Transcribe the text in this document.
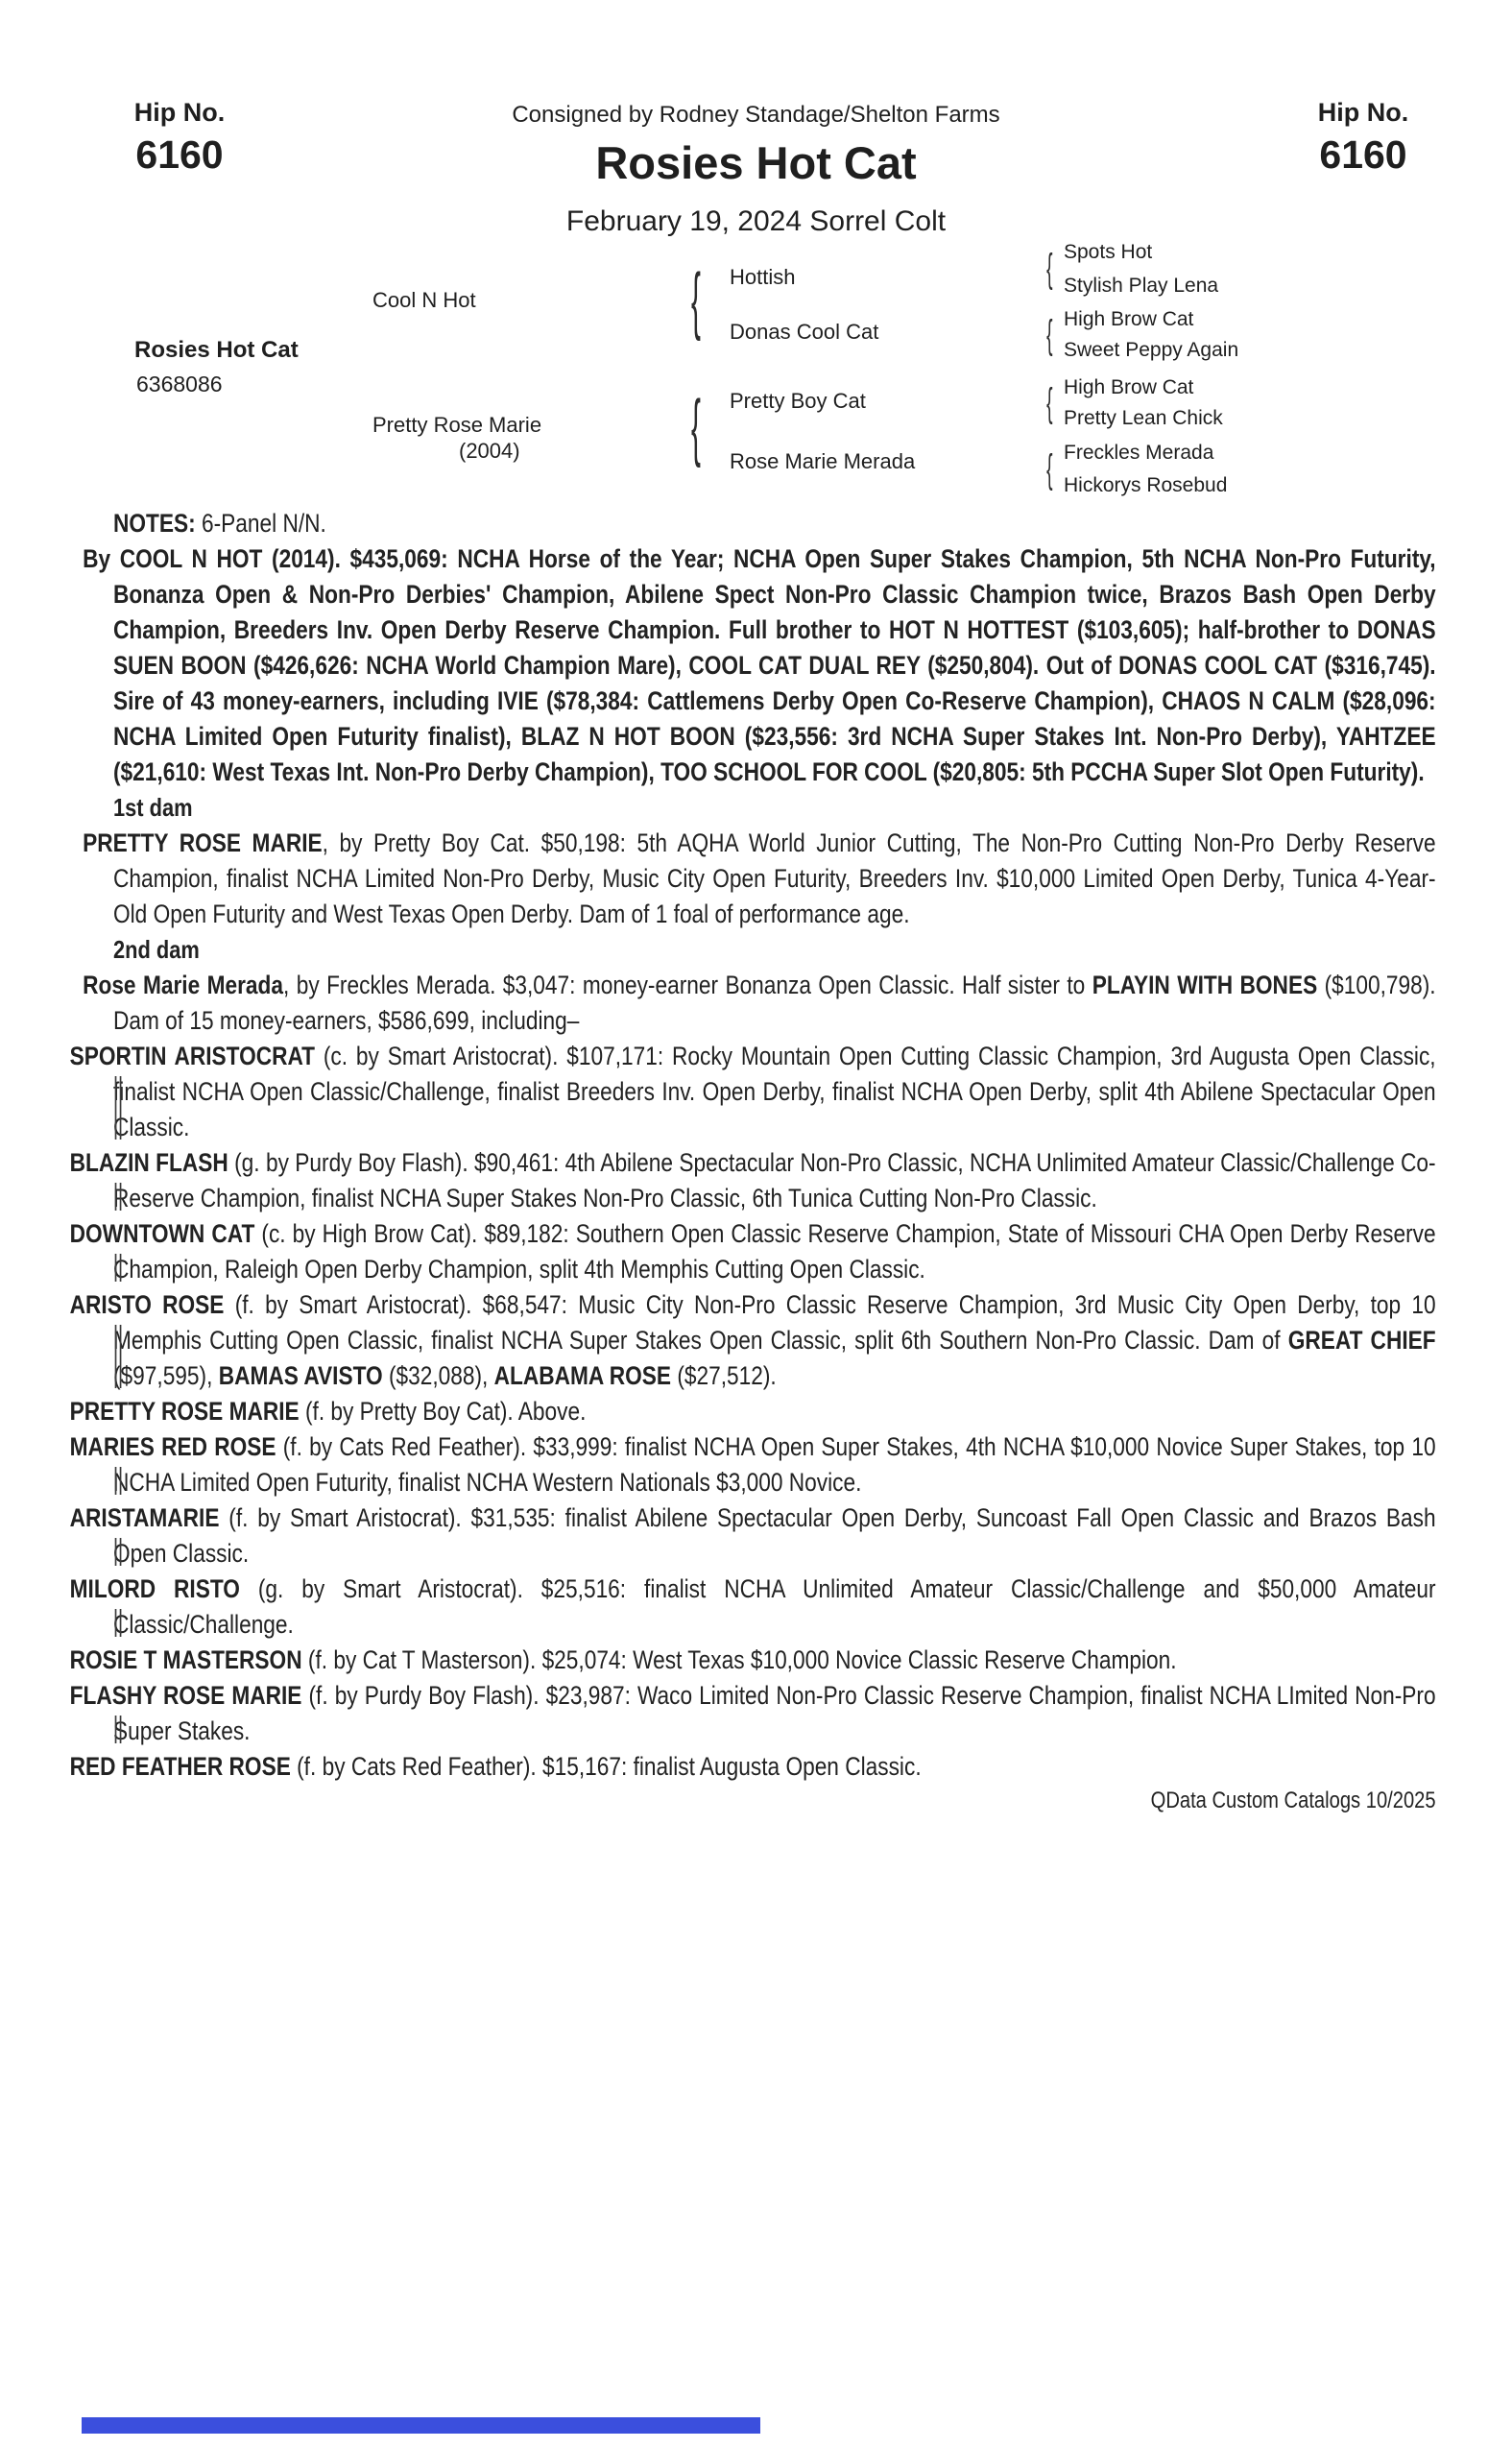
Hip No.
6160
Hip No.
6160
Consigned by Rodney Standage/Shelton Farms
Rosies Hot Cat
February 19, 2024 Sorrel Colt
Rosies Hot Cat
6368086
Cool N Hot
Pretty Rose Marie
(2004)
{
{
Hottish
Donas Cool Cat
Pretty Boy Cat
Rose Marie Merada
{
{
{
{
Spots Hot
Stylish Play Lena
High Brow Cat
Sweet Peppy Again
High Brow Cat
Pretty Lean Chick
Freckles Merada
Hickorys Rosebud

NOTES: 6-Panel N/N.

By COOL N HOT (2014). $435,069: NCHA Horse of the Year; NCHA Open Super Stakes Champion, 5th NCHA Non-Pro Futurity, Bonanza Open & Non-Pro Derbies' Champion, Abilene Spect Non-Pro Classic Champion twice, Brazos Bash Open Derby Champion, Breeders Inv. Open Derby Reserve Champion. Full brother to HOT N HOTTEST ($103,605); half-brother to DONAS SUEN BOON ($426,626: NCHA World Champion Mare), COOL CAT DUAL REY ($250,804). Out of DONAS COOL CAT ($316,745). Sire of 43 money-earners, including IVIE ($78,384: Cattlemens Derby Open Co-Reserve Champion), CHAOS N CALM ($28,096: NCHA Limited Open Futurity finalist), BLAZ N HOT BOON ($23,556: 3rd NCHA Super Stakes Int. Non-Pro Derby), YAHTZEE ($21,610: West Texas Int. Non-Pro Derby Champion), TOO SCHOOL FOR COOL ($20,805: 5th PCCHA Super Slot Open Futurity).

1st dam

PRETTY ROSE MARIE, by Pretty Boy Cat. $50,198: 5th AQHA World Junior Cutting, The Non-Pro Cutting Non-Pro Derby Reserve Champion, finalist NCHA Limited Non-Pro Derby, Music City Open Futurity, Breeders Inv. $10,000 Limited Open Derby, Tunica 4-Year-Old Open Futurity and West Texas Open Derby. Dam of 1 foal of performance age.

2nd dam

Rose Marie Merada, by Freckles Merada. $3,047: money-earner Bonanza Open Classic. Half sister to PLAYIN WITH BONES ($100,798). Dam of 15 money-earners, $586,699, including–

SPORTIN ARISTOCRAT (c. by Smart Aristocrat). $107,171: Rocky Mountain Open Cutting Classic Champion, 3rd Augusta Open Classic, finalist NCHA Open Classic/Challenge, finalist Breeders Inv. Open Derby, finalist NCHA Open Derby, split 4th Abilene Spectacular Open Classic.
BLAZIN FLASH (g. by Purdy Boy Flash). $90,461: 4th Abilene Spectacular Non-Pro Classic, NCHA Unlimited Amateur Classic/Challenge Co-Reserve Champion, finalist NCHA Super Stakes Non-Pro Classic, 6th Tunica Cutting Non-Pro Classic.
DOWNTOWN CAT (c. by High Brow Cat). $89,182: Southern Open Classic Reserve Champion, State of Missouri CHA Open Derby Reserve Champion, Raleigh Open Derby Champion, split 4th Memphis Cutting Open Classic.
ARISTO ROSE (f. by Smart Aristocrat). $68,547: Music City Non-Pro Classic Reserve Champion, 3rd Music City Open Derby, top 10 Memphis Cutting Open Classic, finalist NCHA Super Stakes Open Classic, split 6th Southern Non-Pro Classic. Dam of GREAT CHIEF ($97,595), BAMAS AVISTO ($32,088), ALABAMA ROSE ($27,512).
PRETTY ROSE MARIE (f. by Pretty Boy Cat). Above.
MARIES RED ROSE (f. by Cats Red Feather). $33,999: finalist NCHA Open Super Stakes, 4th NCHA $10,000 Novice Super Stakes, top 10 NCHA Limited Open Futurity, finalist NCHA Western Nationals $3,000 Novice.
ARISTAMARIE (f. by Smart Aristocrat). $31,535: finalist Abilene Spectacular Open Derby, Suncoast Fall Open Classic and Brazos Bash Open Classic.
MILORD RISTO (g. by Smart Aristocrat). $25,516: finalist NCHA Unlimited Amateur Classic/Challenge and $50,000 Amateur Classic/Challenge.
ROSIE T MASTERSON (f. by Cat T Masterson). $25,074: West Texas $10,000 Novice Classic Reserve Champion.
FLASHY ROSE MARIE (f. by Purdy Boy Flash). $23,987: Waco Limited Non-Pro Classic Reserve Champion, finalist NCHA LImited Non-Pro Super Stakes.
RED FEATHER ROSE (f. by Cats Red Feather). $15,167: finalist Augusta Open Classic.
QData Custom Catalogs 10/2025
